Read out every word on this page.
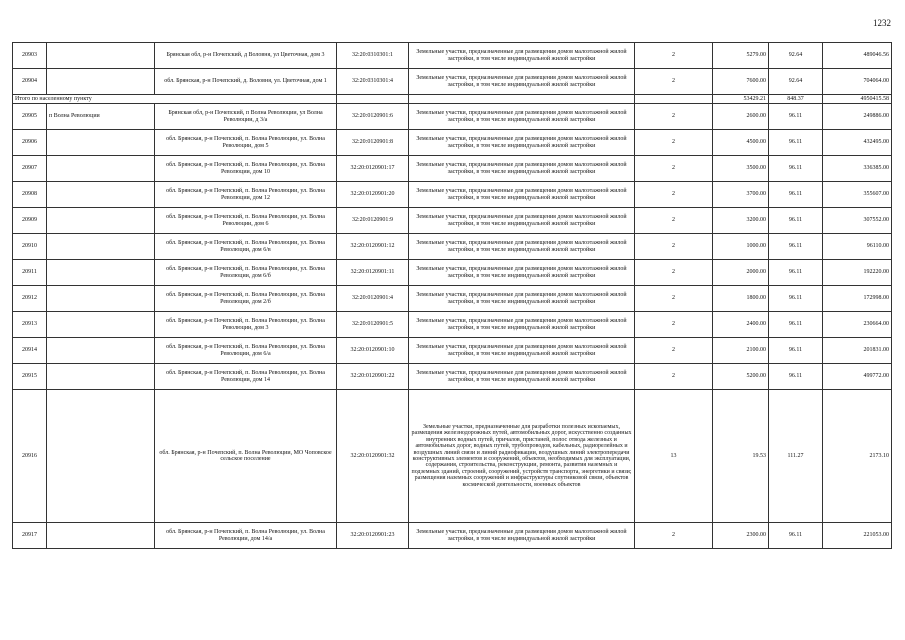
1232
20903		Брянская обл, р-н Почепский, д Воловня, ул Цветочная, дом 3	32:20:0310301:1	Земельные участки, предназначенные для размещения домов малоэтажной жилой застройки, в том числе индивидуальной жилой застройки	2	5279.00	92.64	489046.56
20904		обл. Брянская, р-н Почепский, д. Воловня, ул. Цветочная, дом 1	32:20:0310301:4	Земельные участки, предназначенные для размещения домов малоэтажной жилой застройки, в том числе индивидуальной жилой застройки	2	7600.00	92.64	704064.00
Итого по населенному пункту						53429.21	848.37	4950415.58
20905	п Волна Революции	Брянская обл, р-н Почепский, п Волна Революции, ул Волна Революции, д 3/а	32:20:0120901:6	Земельные участки, предназначенные для размещения домов малоэтажной жилой застройки, в том числе индивидуальной жилой застройки	2	2600.00	96.11	249886.00
20906		обл. Брянская, р-н Почепский, п. Волна Революции, ул. Волна Революции, дом 5	32:20:0120901:8	Земельные участки, предназначенные для размещения домов малоэтажной жилой застройки, в том числе индивидуальной жилой застройки	2	4500.00	96.11	432495.00
20907		обл. Брянская, р-н Почепский, п. Волна Революции, ул. Волна Революции, дом 10	32:20:0120901:17	Земельные участки, предназначенные для размещения домов малоэтажной жилой застройки, в том числе индивидуальной жилой застройки	2	3500.00	96.11	336385.00
20908		обл. Брянская, р-н Почепский, п. Волна Революции, ул. Волна Революции, дом 12	32:20:0120901:20	Земельные участки, предназначенные для размещения домов малоэтажной жилой застройки, в том числе индивидуальной жилой застройки	2	3700.00	96.11	355607.00
20909		обл. Брянская, р-н Почепский, п. Волна Революции, ул. Волна Революции, дом 6	32:20:0120901:9	Земельные участки, предназначенные для размещения домов малоэтажной жилой застройки, в том числе индивидуальной жилой застройки	2	3200.00	96.11	307552.00
20910		обл. Брянская, р-н Почепский, п. Волна Революции, ул. Волна Революции, дом 6/в	32:20:0120901:12	Земельные участки, предназначенные для размещения домов малоэтажной жилой застройки, в том числе индивидуальной жилой застройки	2	1000.00	96.11	96110.00
20911		обл. Брянская, р-н Почепский, п. Волна Революции, ул. Волна Революции, дом 6/б	32:20:0120901:11	Земельные участки, предназначенные для размещения домов малоэтажной жилой застройки, в том числе индивидуальной жилой застройки	2	2000.00	96.11	192220.00
20912		обл. Брянская, р-н Почепский, п. Волна Революции, ул. Волна Революции, дом 2/б	32:20:0120901:4	Земельные участки, предназначенные для размещения домов малоэтажной жилой застройки, в том числе индивидуальной жилой застройки	2	1800.00	96.11	172998.00
20913		обл. Брянская, р-н Почепский, п. Волна Революции, ул. Волна Революции, дом 3	32:20:0120901:5	Земельные участки, предназначенные для размещения домов малоэтажной жилой застройки, в том числе индивидуальной жилой застройки	2	2400.00	96.11	230664.00
20914		обл. Брянская, р-н Почепский, п. Волна Революции, ул. Волна Революции, дом 6/а	32:20:0120901:10	Земельные участки, предназначенные для размещения домов малоэтажной жилой застройки, в том числе индивидуальной жилой застройки	2	2100.00	96.11	201831.00
20915		обл. Брянская, р-н Почепский, п. Волна Революции, ул. Волна Революции, дом 14	32:20:0120901:22	Земельные участки, предназначенные для размещения домов малоэтажной жилой застройки, в том числе индивидуальной жилой застройки	2	5200.00	96.11	499772.00
20916		обл. Брянская, р-н Почепский, п. Волна Революции, МО Чоповское сельское поселение	32:20:0120901:32	Земельные участки, предназначенные для разработки полезных ископаемых, размещения железнодорожных путей, автомобильных дорог, искусственно созданных внутренних водных путей, причалов, пристаней, полос отвода железных и автомобильных дорог, водных путей, трубопроводов, кабельных, радиорелейных и воздушных линий связи и линий радиофикации, воздушных линий электропередачи конструктивных элементов и сооружений, объектов, необходимых для эксплуатации, содержания, строительства, реконструкции, ремонта, развития наземных и подземных зданий, строений, сооружений, устройств транспорта, энергетики и связи; размещения наземных сооружений и инфраструктуры спутниковой связи, объектов космической деятельности, военных объектов	13	19.53	111.27	2173.10
20917		обл. Брянская, р-н Почепский, п. Волна Революции, ул. Волна Революции, дом 14/а	32:20:0120901:23	Земельные участки, предназначенные для размещения домов малоэтажной жилой застройки, в том числе индивидуальной жилой застройки	2	2300.00	96.11	221053.00
